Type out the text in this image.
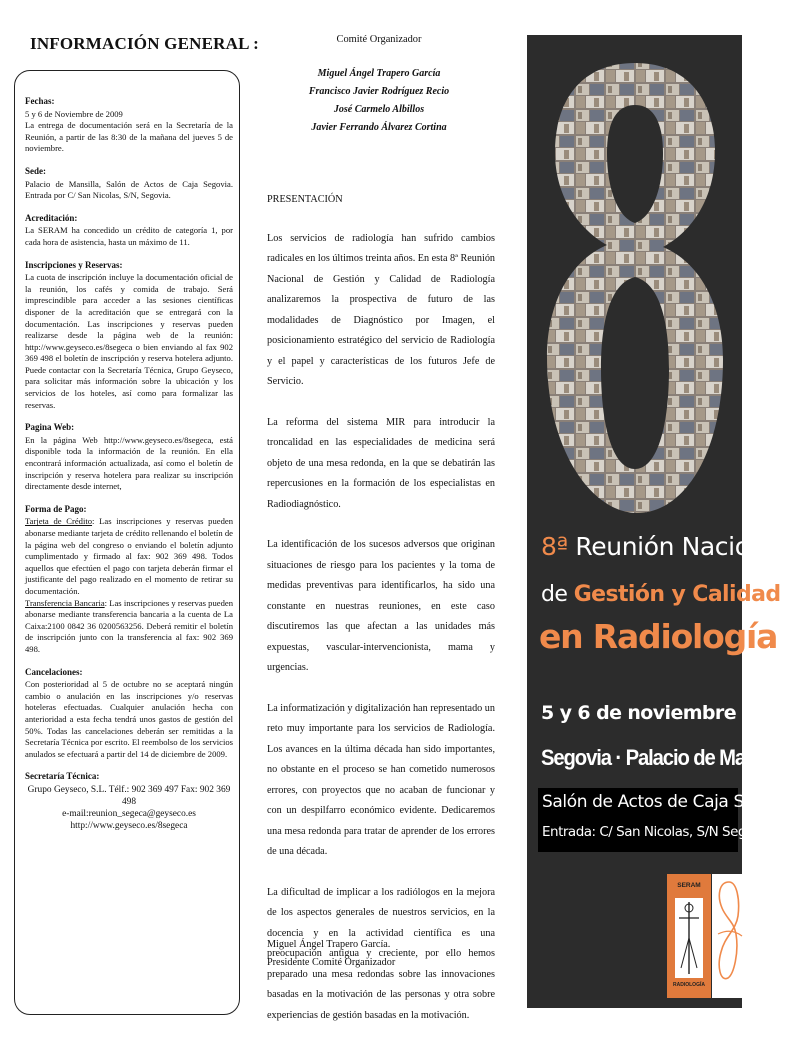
INFORMACIÓN GENERAL :
Fechas:

5 y 6 de Noviembre de 2009
La entrega de documentación será en la Secretaría de la Reunión, a partir de las 8:30 de la mañana del jueves 5 de noviembre.

Sede:

Palacio de Mansilla, Salón de Actos de Caja Segovia. Entrada por C/ San Nicolas, S/N, Segovia.

Acreditación:

La SERAM ha concedido un crédito de categoría 1, por cada hora de asistencia, hasta un máximo de 11.

Inscripciones y Reservas:

La cuota de inscripción incluye la documentación oficial de la reunión, los cafés y comida de trabajo. Será imprescindible para acceder a las sesiones científicas disponer de la acreditación que se entregará con la documentación. Las inscripciones y reservas pueden realizarse desde la página web de la reunión: http://www.geyseco.es/8segeca o bien enviando al fax 902 369 498 el boletín de inscripción y reserva hotelera adjunto. Puede contactar con la Secretaría Técnica, Grupo Geyseco, para solicitar más información sobre la ubicación y los servicios de los hoteles, así como para formalizar las reservas.

Pagina Web:

En la página Web http://www.geyseco.es/8segeca, está disponible toda la información de la reunión. En ella encontrará información actualizada, así como el boletín de inscripción y reserva hotelera para realizar su inscripción directamente desde internet,

Forma de Pago:

Tarjeta de Crédito: Las inscripciones y reservas pueden abonarse mediante tarjeta de crédito rellenando el boletín de la página web del congreso o enviando el boletín adjunto cumplimentado y firmado al fax: 902 369 498. Todos aquellos que efectúen el pago con tarjeta deberán firmar el justificante del pago realizado en el momento de retirar su documentación.

Transferencia Bancaria: Las inscripciones y reservas pueden abonarse mediante transferencia bancaria a la cuenta de La Caixa:2100 0842 36 0200563256. Deberá remitir el boletín de inscripción junto con la transferencia al fax: 902 369 498.

Cancelaciones:

Con posterioridad al 5 de octubre no se aceptará ningún cambio o anulación en las inscripciones y/o reservas hoteleras efectuadas. Cualquier anulación hecha con anterioridad a esta fecha tendrá unos gastos de gestión del 50%. Todas las cancelaciones deberán ser remitidas a la Secretaría Técnica por escrito. El reembolso de los servicios anulados se efectuará a partir del 14 de diciembre de 2009.

Secretaría Técnica:

Grupo Geyseco, S.L. Télf.: 902 369 497 Fax: 902 369 498

e-mail:reunion_segeca@geyseco.es

http://www.geyseco.es/8segeca

Comité Organizador
Miguel Ángel Trapero García
Francisco Javier Rodríguez Recio
José Carmelo Albillos
Javier Ferrando Álvarez Cortina
PRESENTACIÓN

Los servicios de radiología han sufrido cambios radicales en los últimos treinta años. En esta 8ª Reunión Nacional de Gestión y Calidad de Radiología analizaremos la prospectiva de futuro de las modalidades de Diagnóstico por Imagen, el posicionamiento estratégico del servicio de Radiología y el papel y características de los futuros Jefe de Servicio.

La reforma del sistema MIR para introducir la troncalidad en las especialidades de medicina será objeto de una mesa redonda, en la que se debatirán las repercusiones en la formación de los especialistas en Radiodiagnóstico.

La identificación de los sucesos adversos que originan situaciones de riesgo para los pacientes y la toma de medidas preventivas para identificarlos, ha sido una constante en nuestras reuniones, en este caso discutiremos las que afectan a las unidades más expuestas, vascular-intervencionista, mama y urgencias.

La informatización y digitalización han representado un reto muy importante para los servicios de Radiología. Los avances en la última década han sido importantes, no obstante en el proceso se han cometido numerosos errores, con proyectos que no acaban de funcionar y con un despilfarro económico evidente. Dedicaremos una mesa redonda para tratar de aprender de los errores de una década.

La dificultad de implicar a los radiólogos en la mejora de los aspectos generales de nuestros servicios, en la docencia y en la actividad científica es una preocupación antigua y creciente, por ello hemos preparado una mesa redondas sobre las innovaciones basadas en la motivación de las personas y otra sobre experiencias de gestión basadas en la motivación.

Miguel Ángel Trapero García.
Presidente Comité Organizador
8ª Reunión Nacional
de Gestión y Calidad
en Radiología
5 y 6 de noviembre 2009
Segovia · Palacio de Mansilla
Salón de Actos de Caja Segovia
Entrada: C/ San Nicolas, S/N Segovia
SERAM
RADIOLOGÍA
